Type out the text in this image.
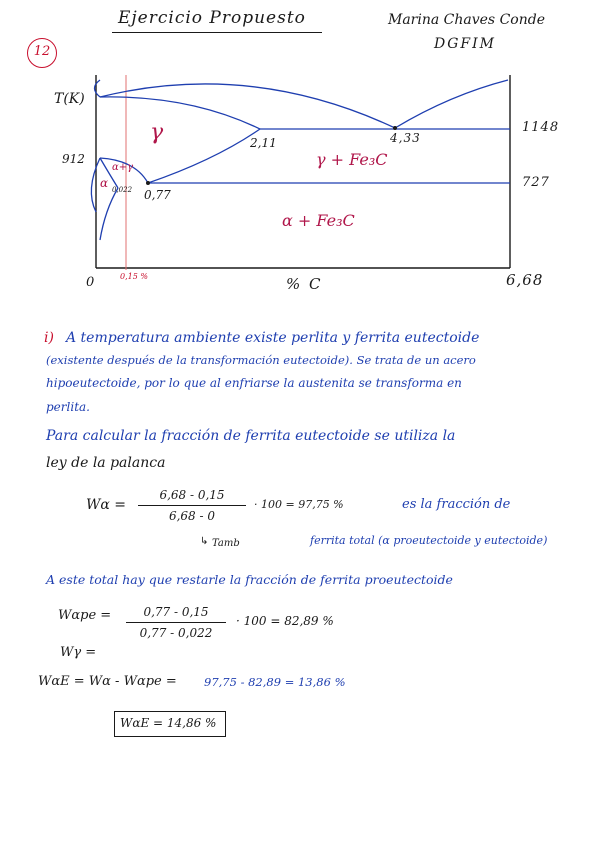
Ejercicio Propuesto	Marina Chaves Conde
DGFIM
12
T(K)
912
1148
727
2,11	4,33
0,77
0,022
0,15 %
0	% C	6,68
γ
α+γ
α
γ + Fe₃C
α + Fe₃C
i) A temperatura ambiente existe perlita y ferrita eutectoide
(existente después de la transformación eutectoide). Se trata de un acero
hipoeutectoide, por lo que al enfriarse la austenita se transforma en
perlita.
Para calcular la fracción de ferrita eutectoide se utiliza la
ley de la palanca
Wα =
6,68 - 0,15
6,68 - 0
· 100 = 97,75 %	es la fracción de
ferrita total (α proeutectoide y eutectoide)
↳ Tamb
A este total hay que restarle la fracción de ferrita proeutectoide
Wαpe =	0,77 - 0,15
0,77 - 0,022
· 100 = 82,89 %
Wγ =
WαE = Wα - Wαpe = 97,75 - 82,89 = 13,86 %
WαE = 14,86 %
